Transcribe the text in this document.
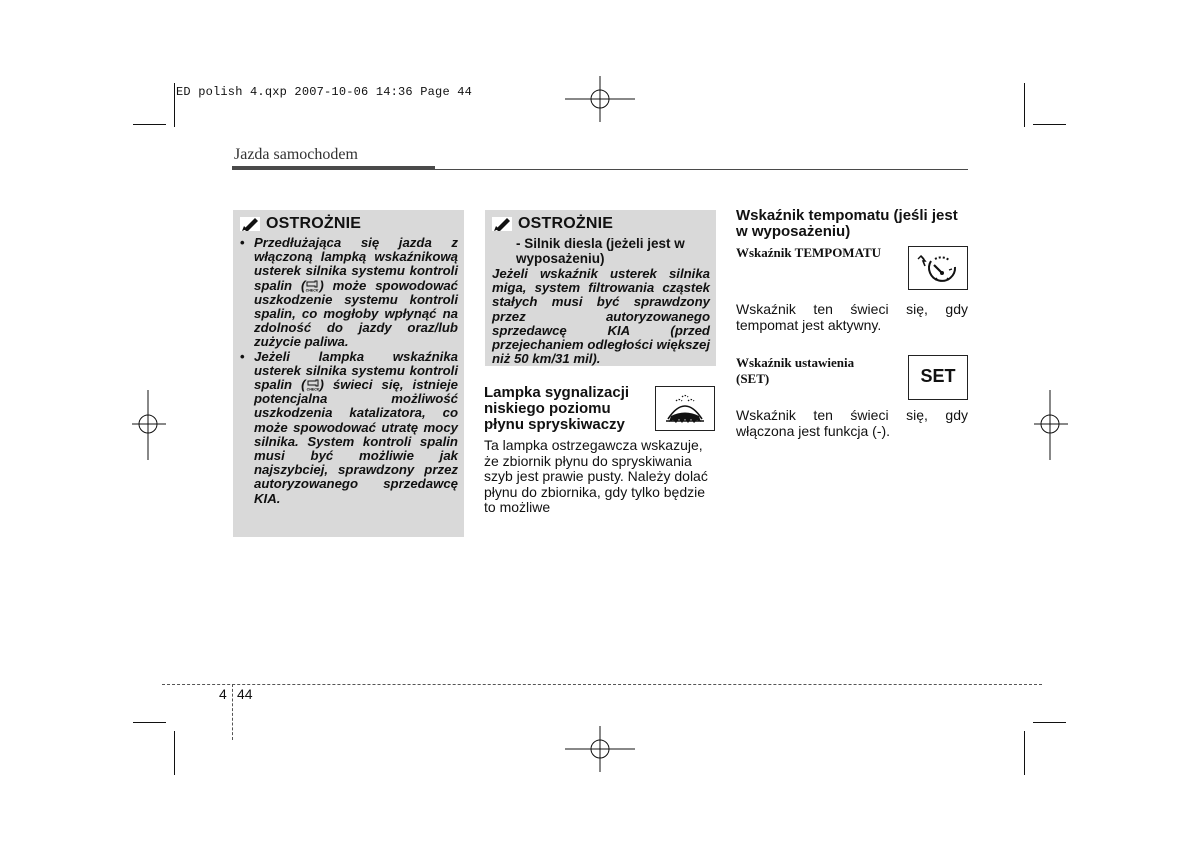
ED polish 4.qxp 2007-10-06 14:36 Page 44
Jazda samochodem
OSTROŻNIE
• Przedłużająca się jazda z włączoną lampką wskaźnikową usterek silnika systemu kontroli spalin ( CHECK ) może spowodować uszkodzenie systemu kontroli spalin, co mogłoby wpłynąć na zdolność do jazdy oraz/lub zużycie paliwa.
• Jeżeli lampka wskaźnika usterek silnika systemu kontroli spalin ( CHECK ) świeci się, istnieje potencjalna możliwość uszkodzenia katalizatora, co może spowodować utratę mocy silnika. System kontroli spalin musi być możliwie jak najszybciej, sprawdzony przez autoryzowanego sprzedawcę KIA.
OSTROŻNIE
- Silnik diesla (jeżeli jest w wyposażeniu)
Jeżeli wskaźnik usterek silnika miga, system filtrowania cząstek stałych musi być sprawdzony przez autoryzowanego sprzedawcę KIA (przed przejechaniem odległości większej niż 50 km/31 mil).
Lampka sygnalizacji niskiego poziomu płynu spryskiwaczy
Ta lampka ostrzegawcza wskazuje, że zbiornik płynu do spryskiwania szyb jest prawie pusty. Należy dolać płynu do zbiornika, gdy tylko będzie to możliwe
Wskaźnik tempomatu (jeśli jest w wyposażeniu)
Wskaźnik TEMPOMATU
Wskaźnik ten świeci się, gdy tempomat jest aktywny.
Wskaźnik ustawienia (SET)	SET
Wskaźnik ten świeci się, gdy włączona jest funkcja (-).
4 44
